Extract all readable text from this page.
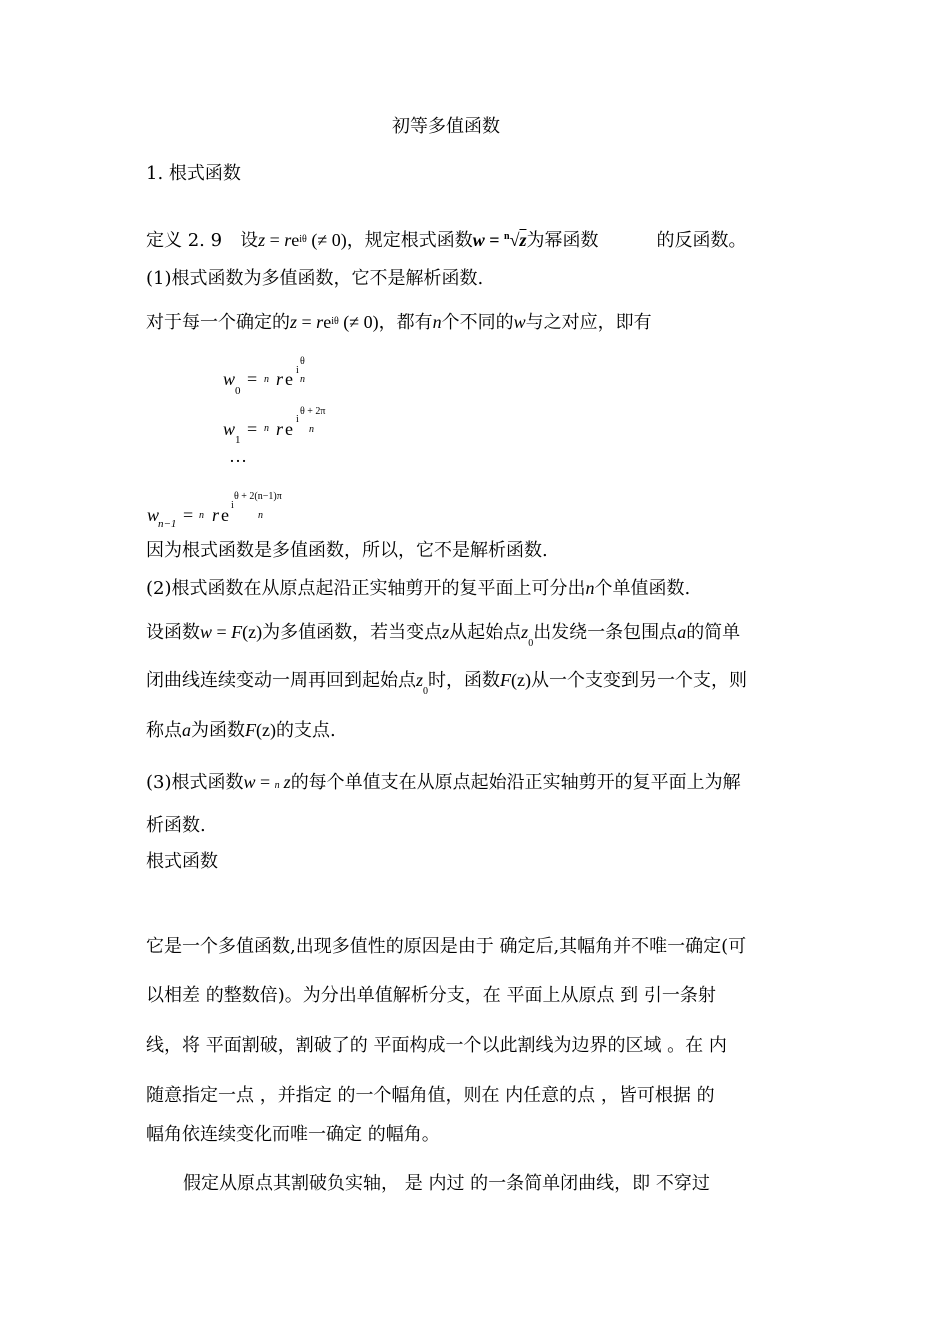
初等多值函数
1. 根式函数
定义 2. 9　设$z = re^{i\theta}$ (≠ 0)，规定根式函数w = $^n$√z为幂函数	的反函数。
(1)根式函数为多值函数，它不是解析函数.
对于每一个确定的$z = re^{i\theta}$ (≠ 0)，都有n个不同的w与之对应，即有
w
0
= n r e i
θ
n
w
1
= n r e i
θ + 2π
n
…
w
n−1 = n r e i
θ + 2(n−1)π
n
因为根式函数是多值函数，所以，它不是解析函数.
(2)根式函数在从原点起沿正实轴剪开的复平面上可分出n个单值函数.
设函数w = F(z)为多值函数，若当变点z从起始点$z_0$出发绕一条包围点a的简单
闭曲线连续变动一周再回到起始点$z_0$时，函数F(z)从一个支变到另一个支，则
称点a为函数F(z)的支点.
(3)根式函数w = n z的每个单值支在从原点起始沿正实轴剪开的复平面上为解
析函数.
根式函数
它是一个多值函数,出现多值性的原因是由于 确定后,其幅角并不唯一确定(可
以相差 的整数倍)。为分出单值解析分支，在 平面上从原点 到 引一条射
线，将 平面割破，割破了的 平面构成一个以此割线为边界的区域 。在 内
随意指定一点 ，并指定 的一个幅角值，则在 内任意的点 ，皆可根据 的
幅角依连续变化而唯一确定 的幅角。
假定从原点其割破负实轴， 是 内过 的一条简单闭曲线，即 不穿过
